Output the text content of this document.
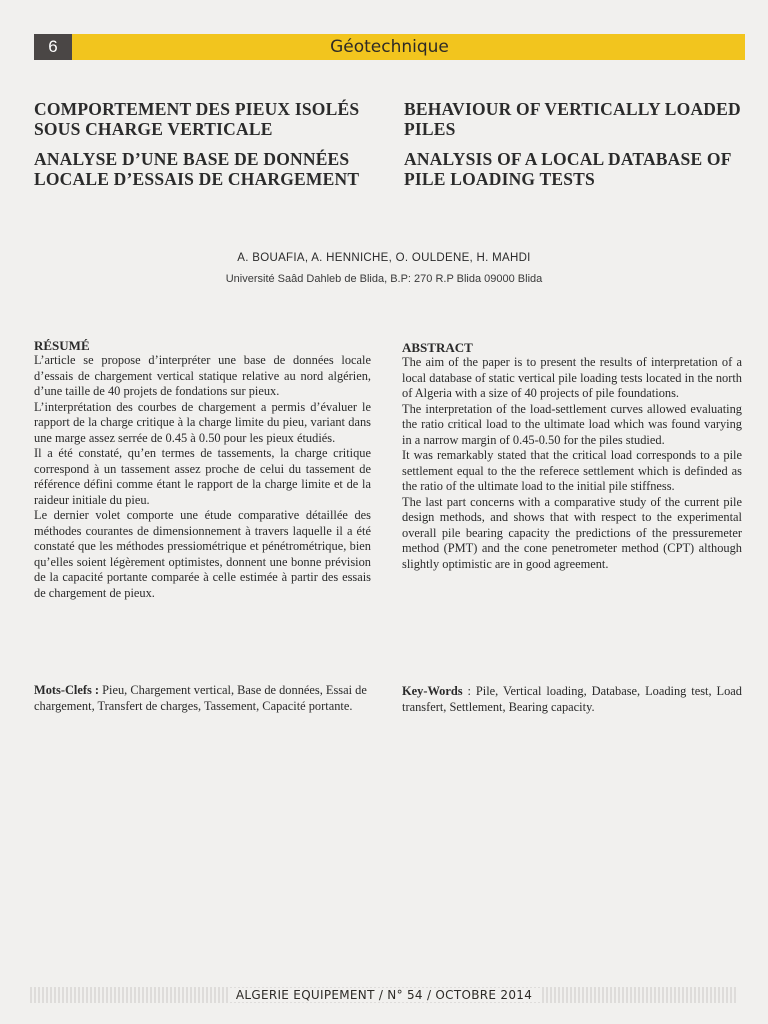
6	Géotechnique

COMPORTEMENT DES PIEUX ISOLÉS SOUS CHARGE VERTICALE

ANALYSE D’UNE BASE DE DONNÉES LOCALE D’ESSAIS DE CHARGEMENT

BEHAVIOUR OF VERTICALLY LOADED PILES

ANALYSIS OF A LOCAL DATABASE OF PILE LOADING TESTS

A. BOUAFIA, A. HENNICHE, O. OULDENE, H. MAHDI
Université Saâd Dahleb de Blida, B.P: 270 R.P Blida 09000 Blida
RÉSUMÉ

L’article se propose d’interpréter une base de données locale d’essais de chargement vertical statique relative au nord algérien, d’une taille de 40 projets de fondations sur pieux.

L’interprétation des courbes de chargement a permis d’évaluer le rapport de la charge critique à la charge limite du pieu, variant dans une marge assez serrée de 0.45 à 0.50 pour les pieux étudiés.

Il a été constaté, qu’en termes de tassements, la charge critique correspond à un tassement assez proche de celui du tassement de référence défini comme étant le rapport de la charge limite et de la raideur initiale du pieu.

Le dernier volet comporte une étude comparative détaillée des méthodes courantes de dimensionnement à travers laquelle il a été constaté que les méthodes pressiométrique et pénétrométrique, bien qu’elles soient légèrement optimistes, donnent une bonne prévision de la capacité portante comparée à celle estimée à partir des essais de chargement de pieux.

ABSTRACT

The aim of the paper is to present the results of interpretation of a local database of static vertical pile loading tests located in the north of Algeria with a size of 40 projects of pile foundations.

The interpretation of the load-settlement curves allowed evaluating the ratio critical load to the ultimate load which was found varying in a narrow margin of 0.45-0.50 for the piles studied.

It was remarkably stated that the critical load corresponds to a pile settlement equal to the the referece settlement which is definded as the ratio of the ultimate load to the initial pile stiffness.

The last part concerns with a comparative study of the current pile design methods, and shows that with respect to the experimental overall pile bearing capacity the predictions of the pressuremeter method (PMT) and the cone penetrometer method (CPT) although slightly optimistic are in good agreement.

Mots-Clefs : Pieu, Chargement vertical, Base de données, Essai de chargement, Transfert de charges, Tassement, Capacité portante.
Key-Words : Pile, Vertical loading, Database, Loading test, Load transfert, Settlement, Bearing capacity.
ALGERIE EQUIPEMENT / N° 54 / OCTOBRE 2014
